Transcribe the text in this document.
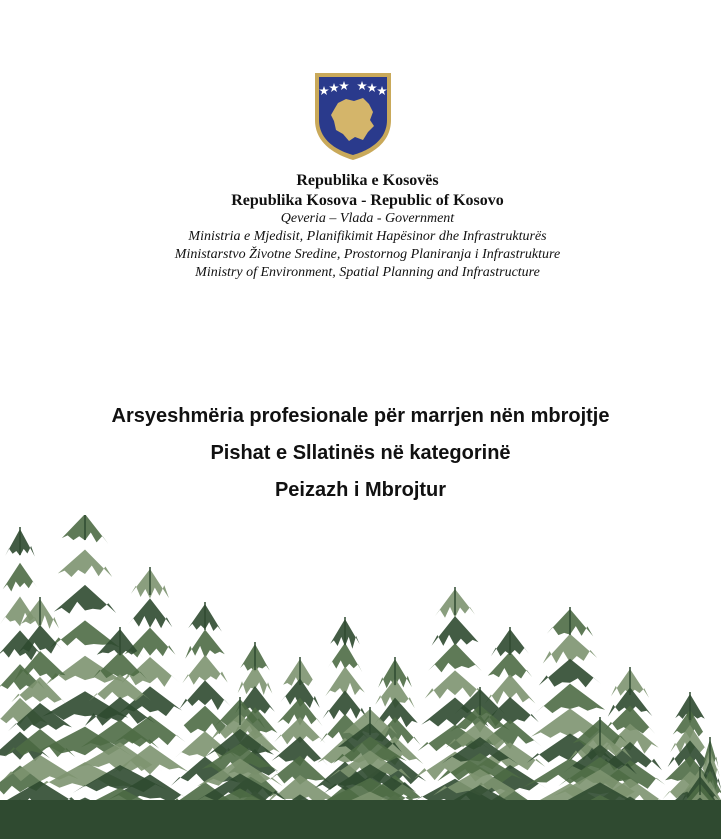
Republika e Kosovës
Republika Kosova - Republic of Kosovo
Qeveria – Vlada - Government
Ministria e Mjedisit, Planifikimit Hapësinor dhe Infrastrukturës
Ministarstvo Životne Sredine, Prostornog Planiranja i Infrastrukture
Ministry of Environment, Spatial Planning and Infrastructure
Arsyeshmëria profesionale për marrjen nën mbrojtje
Pishat e Sllatinës në kategorinë
Peizazh i Mbrojtur
